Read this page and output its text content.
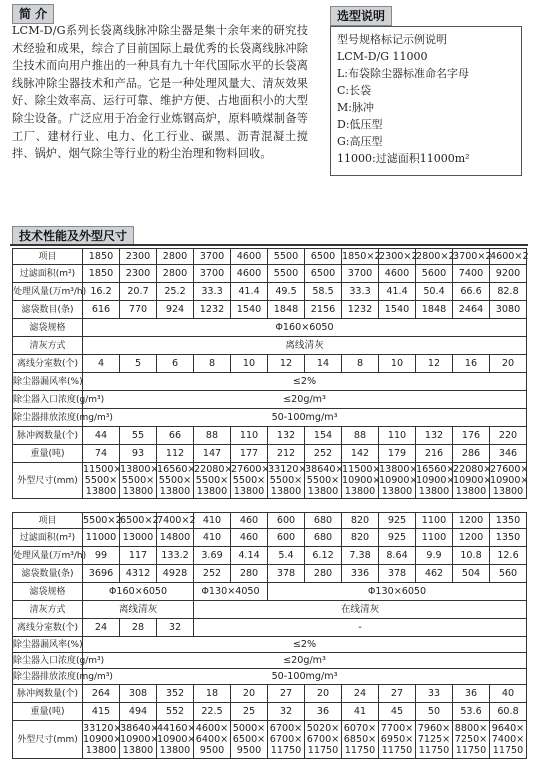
简 介
LCM-D/G系列长袋离线脉冲除尘器是集十余年来的研究技术经验和成果，综合了目前国际上最优秀的长袋离线脉冲除尘技术而向用户推出的一种具有九十年代国际水平的长袋离线脉冲除尘器技术和产品。它是一种处理风量大、清灰效果好、除尘效率高、运行可靠、维护方便、占地面积小的大型除尘设备。广泛应用于冶金行业炼钢高炉，原料喷煤制备等工厂、建材行业、电力、化工行业、碳黑、沥青混凝土搅拌、锅炉、烟气除尘等行业的粉尘治理和物料回收。
选型说明
型号规格标记示例说明
LCM-D/G 11000
L:布袋除尘器标准命名字母
C:长袋
M:脉冲
D:低压型
G:高压型
11000:过滤面积11000m²
技术性能及外型尺寸
项目	1850	2300	2800	3700	4600	5500	6500	1850×2	2300×2	2800×2	3700×2	4600×2
过滤面积(m²)	1850	2300	2800	3700	4600	5500	6500	3700	4600	5600	7400	9200
处理风量(万m³/h)	16.2	20.7	25.2	33.3	41.4	49.5	58.5	33.3	41.4	50.4	66.6	82.8
滤袋数目(条)	616	770	924	1232	1540	1848	2156	1232	1540	1848	2464	3080
滤袋规格	Φ160×6050											
清灰方式	离线清灰											
离线分室数(个)	4	5	6	8	10	12	14	8	10	12	16	20
除尘器漏风率(%)	≤2%											
除尘器入口浓度(g/m³)	≤20g/m³											
除尘器排放浓度(mg/m³)	50-100mg/m³											
脉冲阀数量(个)	44	55	66	88	110	132	154	88	110	132	176	220
重量(吨)	74	93	112	147	177	212	252	142	179	216	286	346
外型尺寸(mm)	11500×
5500×
13800	13800×
5500×
13800	16560×
5500×
13800	22080×
5500×
13800	27600×
5500×
13800	33120×
5500×
13800	38640×
5500×
13800	11500×
10900×
13800	13800×
10900×
13800	16560×
10900×
13800	22080×
10900×
13800	27600×
10900×
13800
项目	5500×2	6500×2	7400×2	410	460	600	680	820	925	1100	1200	1350
过滤面积(m²)	11000	13000	14800	410	460	600	680	820	925	1100	1200	1350
处理风量(万m³/h)	99	117	133.2	3.69	4.14	5.4	6.12	7.38	8.64	9.9	10.8	12.6
滤袋数量(条)	3696	4312	4928	252	280	378	280	336	378	462	504	560
滤袋规格	Φ160×6050			Φ130×4050		Φ130×6050						
清灰方式	离线清灰			在线清灰								
离线分室数(个)	24	28	32	-								
除尘器漏风率(%)	≤2%											
除尘器入口浓度(g/m³)	≤20g/m³											
除尘器排放浓度(mg/m³)	50-100mg/m³											
脉冲阀数量(个)	264	308	352	18	20	27	20	24	27	33	36	40
重量(吨)	415	494	552	22.5	25	32	36	41	45	50	53.6	60.8
外型尺寸(mm)	33120×
10900×
13800	38640×
10900×
13800	44160×
10900×
13800	4600×
6400×
9500	5000×
6500×
9500	6700×
6700×
11750	5020×
6700×
11750	6070×
6850×
11750	7700×
6950×
11750	7960×
7125×
11750	8800×
7250×
11750	9640×
7400×
11750
